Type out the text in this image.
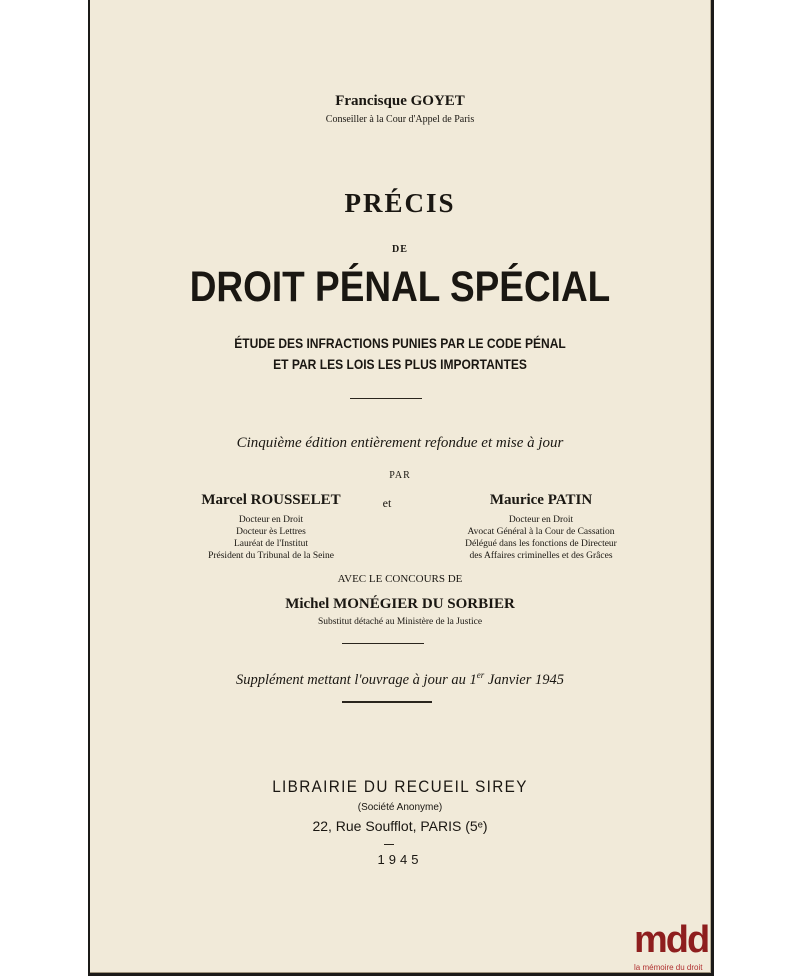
Francisque GOYET
Conseiller à la Cour d'Appel de Paris
PRÉCIS
DE
DROIT PÉNAL SPÉCIAL
ÉTUDE DES INFRACTIONS PUNIES PAR LE CODE PÉNAL
ET PAR LES LOIS LES PLUS IMPORTANTES
Cinquième édition entièrement refondue et mise à jour
PAR
Marcel ROUSSELET
Docteur en Droit
Docteur ès Lettres
Lauréat de l'Institut
Président du Tribunal de la Seine
et	Maurice PATIN
Docteur en Droit
Avocat Général à la Cour de Cassation
Délégué dans les fonctions de Directeur
des Affaires criminelles et des Grâces
AVEC LE CONCOURS DE
Michel MONÉGIER DU SORBIER
Substitut détaché au Ministère de la Justice
Supplément mettant l'ouvrage à jour au 1er Janvier 1945
LIBRAIRIE DU RECUEIL SIREY
(Société Anonyme)
22, Rue Soufflot, PARIS (5ᵉ)
1945
mdd
la mémoire du droit
